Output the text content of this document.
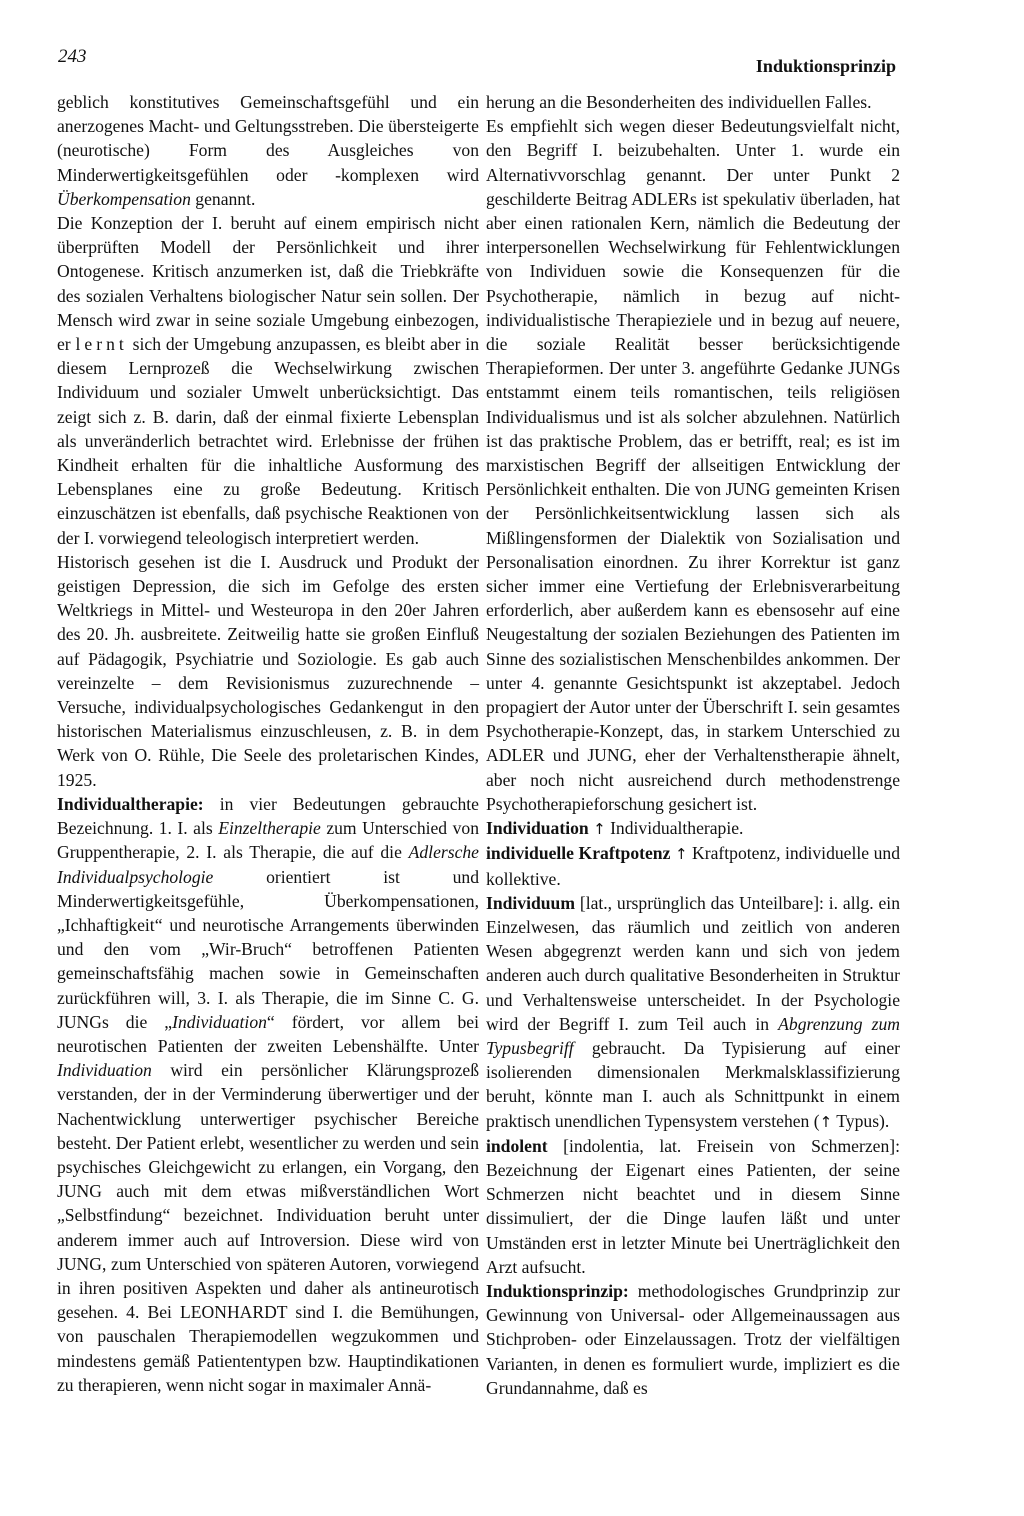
243	Induktionsprinzip

geblich konstitutives Gemeinschaftsgefühl und ein anerzogenes Macht- und Geltungsstreben. Die übersteigerte (neurotische) Form des Ausgleiches von Minderwertigkeitsgefühlen oder -komplexen wird Überkompensation genannt.

Die Konzeption der I. beruht auf einem empirisch nicht überprüften Modell der Persönlichkeit und ihrer Ontogenese. Kritisch anzumerken ist, daß die Triebkräfte des sozialen Verhaltens biologischer Natur sein sollen. Der Mensch wird zwar in seine soziale Umgebung einbezogen, er lernt sich der Umgebung anzupassen, es bleibt aber in diesem Lernprozeß die Wechselwirkung zwischen Individuum und sozialer Umwelt unberücksichtigt. Das zeigt sich z. B. darin, daß der einmal fixierte Lebensplan als unveränderlich betrachtet wird. Erlebnisse der frühen Kindheit erhalten für die inhaltliche Ausformung des Lebensplanes eine zu große Bedeutung. Kritisch einzuschätzen ist ebenfalls, daß psychische Reaktionen von der I. vorwiegend teleologisch interpretiert werden.

Historisch gesehen ist die I. Ausdruck und Produkt der geistigen Depression, die sich im Gefolge des ersten Weltkriegs in Mittel- und Westeuropa in den 20er Jahren des 20. Jh. ausbreitete. Zeitweilig hatte sie großen Einfluß auf Pädagogik, Psychiatrie und Soziologie. Es gab auch vereinzelte – dem Revisionismus zuzurechnende – Versuche, individualpsychologisches Gedankengut in den historischen Materialismus einzuschleusen, z. B. in dem Werk von O. Rühle, Die Seele des proletarischen Kindes, 1925.

Individualtherapie: in vier Bedeutungen gebrauchte Bezeichnung. 1. I. als Einzeltherapie zum Unterschied von Gruppentherapie, 2. I. als Therapie, die auf die Adlersche Individualpsychologie orientiert ist und Minderwertigkeitsgefühle, Überkompensationen, „Ichhaftigkeit“ und neurotische Arrangements überwinden und den vom „Wir-Bruch“ betroffenen Patienten gemeinschaftsfähig machen sowie in Gemeinschaften zurückführen will, 3. I. als Therapie, die im Sinne C. G. JUNGs die „Individuation“ fördert, vor allem bei neurotischen Patienten der zweiten Lebenshälfte. Unter Individuation wird ein persönlicher Klärungsprozeß verstanden, der in der Verminderung überwertiger und der Nachentwicklung unterwertiger psychischer Bereiche besteht. Der Patient erlebt, wesentlicher zu werden und sein psychisches Gleichgewicht zu erlangen, ein Vorgang, den JUNG auch mit dem etwas mißverständlichen Wort „Selbstfindung“ bezeichnet. Individuation beruht unter anderem immer auch auf Introversion. Diese wird von JUNG, zum Unterschied von späteren Autoren, vorwiegend in ihren positiven Aspekten und daher als antineurotisch gesehen. 4. Bei LEONHARDT sind I. die Bemühungen, von pauschalen Therapiemodellen wegzukommen und mindestens gemäß Patiententypen bzw. Hauptindikationen zu therapieren, wenn nicht sogar in maximaler Annä-

herung an die Besonderheiten des individuellen Falles.

Es empfiehlt sich wegen dieser Bedeutungsvielfalt nicht, den Begriff I. beizubehalten. Unter 1. wurde ein Alternativvorschlag genannt. Der unter Punkt 2 geschilderte Beitrag ADLERs ist spekulativ überladen, hat aber einen rationalen Kern, nämlich die Bedeutung der interpersonellen Wechselwirkung für Fehlentwicklungen von Individuen sowie die Konsequenzen für die Psychotherapie, nämlich in bezug auf nicht-individualistische Therapieziele und in bezug auf neuere, die soziale Realität besser berücksichtigende Therapieformen. Der unter 3. angeführte Gedanke JUNGs entstammt einem teils romantischen, teils religiösen Individualismus und ist als solcher abzulehnen. Natürlich ist das praktische Problem, das er betrifft, real; es ist im marxistischen Begriff der allseitigen Entwicklung der Persönlichkeit enthalten. Die von JUNG gemeinten Krisen der Persönlichkeitsentwicklung lassen sich als Mißlingensformen der Dialektik von Sozialisation und Personalisation einordnen. Zu ihrer Korrektur ist ganz sicher immer eine Vertiefung der Erlebnisverarbeitung erforderlich, aber außerdem kann es ebensosehr auf eine Neugestaltung der sozialen Beziehungen des Patienten im Sinne des sozialistischen Menschenbildes ankommen. Der unter 4. genannte Gesichtspunkt ist akzeptabel. Jedoch propagiert der Autor unter der Überschrift I. sein gesamtes Psychotherapie-Konzept, das, in starkem Unterschied zu ADLER und JUNG, eher der Verhaltenstherapie ähnelt, aber noch nicht ausreichend durch methodenstrenge Psychotherapieforschung gesichert ist.

Individuation ↑ Individualtherapie.

individuelle Kraftpotenz ↑ Kraftpotenz, individuelle und kollektive.

Individuum [lat., ursprünglich das Unteilbare]: i. allg. ein Einzelwesen, das räumlich und zeitlich von anderen Wesen abgegrenzt werden kann und sich von jedem anderen auch durch qualitative Besonderheiten in Struktur und Verhaltensweise unterscheidet. In der Psychologie wird der Begriff I. zum Teil auch in Abgrenzung zum Typusbegriff gebraucht. Da Typisierung auf einer isolierenden dimensionalen Merkmalsklassifizierung beruht, könnte man I. auch als Schnittpunkt in einem praktisch unendlichen Typensystem verstehen (↑ Typus).

indolent [indolentia, lat. Freisein von Schmerzen]: Bezeichnung der Eigenart eines Patienten, der seine Schmerzen nicht beachtet und in diesem Sinne dissimuliert, der die Dinge laufen läßt und unter Umständen erst in letzter Minute bei Unerträglichkeit den Arzt aufsucht.

Induktionsprinzip: methodologisches Grundprinzip zur Gewinnung von Universal- oder Allgemeinaussagen aus Stichproben- oder Einzelaussagen. Trotz der vielfältigen Varianten, in denen es formuliert wurde, impliziert es die Grundannahme, daß es
